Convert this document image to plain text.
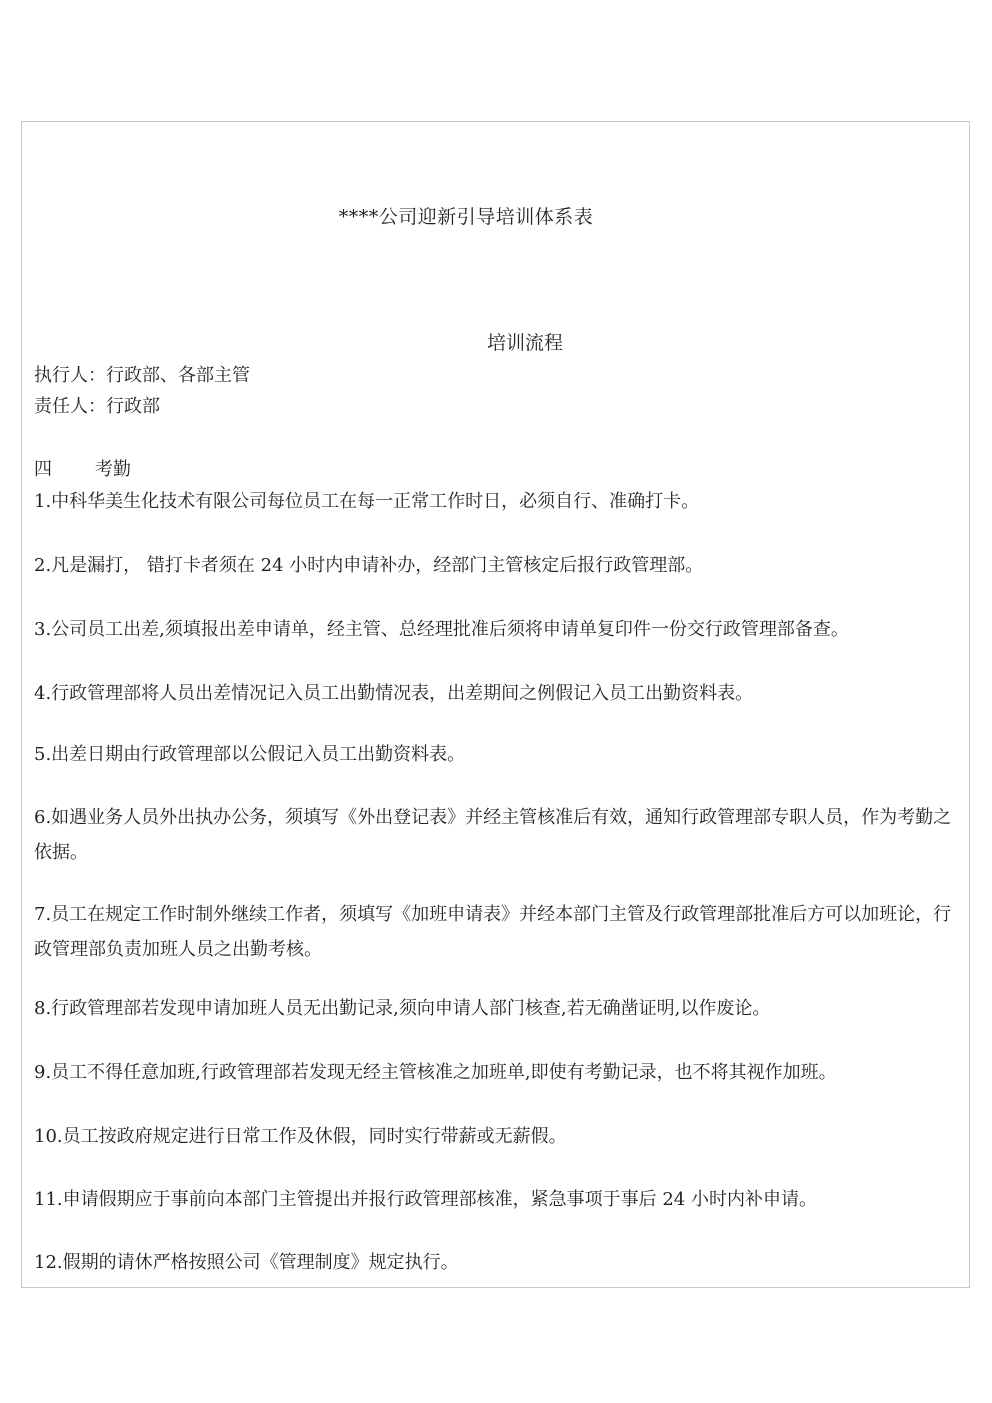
****公司迎新引导培训体系表
培训流程
执行人：行政部、各部主管
责任人：行政部
四 考勤
1.中科华美生化技术有限公司每位员工在每一正常工作时日，必须自行、准确打卡。
2.凡是漏打， 错打卡者须在 24 小时内申请补办，经部门主管核定后报行政管理部。
3.公司员工出差,须填报出差申请单，经主管、总经理批准后须将申请单复印件一份交行政管理部备查。
4.行政管理部将人员出差情况记入员工出勤情况表，出差期间之例假记入员工出勤资料表。
5.出差日期由行政管理部以公假记入员工出勤资料表。
6.如遇业务人员外出执办公务，须填写《外出登记表》并经主管核准后有效，通知行政管理部专职人员，作为考勤之依据。
7.员工在规定工作时制外继续工作者，须填写《加班申请表》并经本部门主管及行政管理部批准后方可以加班论，行政管理部负责加班人员之出勤考核。
8.行政管理部若发现申请加班人员无出勤记录,须向申请人部门核查,若无确凿证明,以作废论。
9.员工不得任意加班,行政管理部若发现无经主管核准之加班单,即使有考勤记录，也不将其视作加班。
10.员工按政府规定进行日常工作及休假，同时实行带薪或无薪假。
11.申请假期应于事前向本部门主管提出并报行政管理部核准，紧急事项于事后 24 小时内补申请。
12.假期的请休严格按照公司《管理制度》规定执行。
